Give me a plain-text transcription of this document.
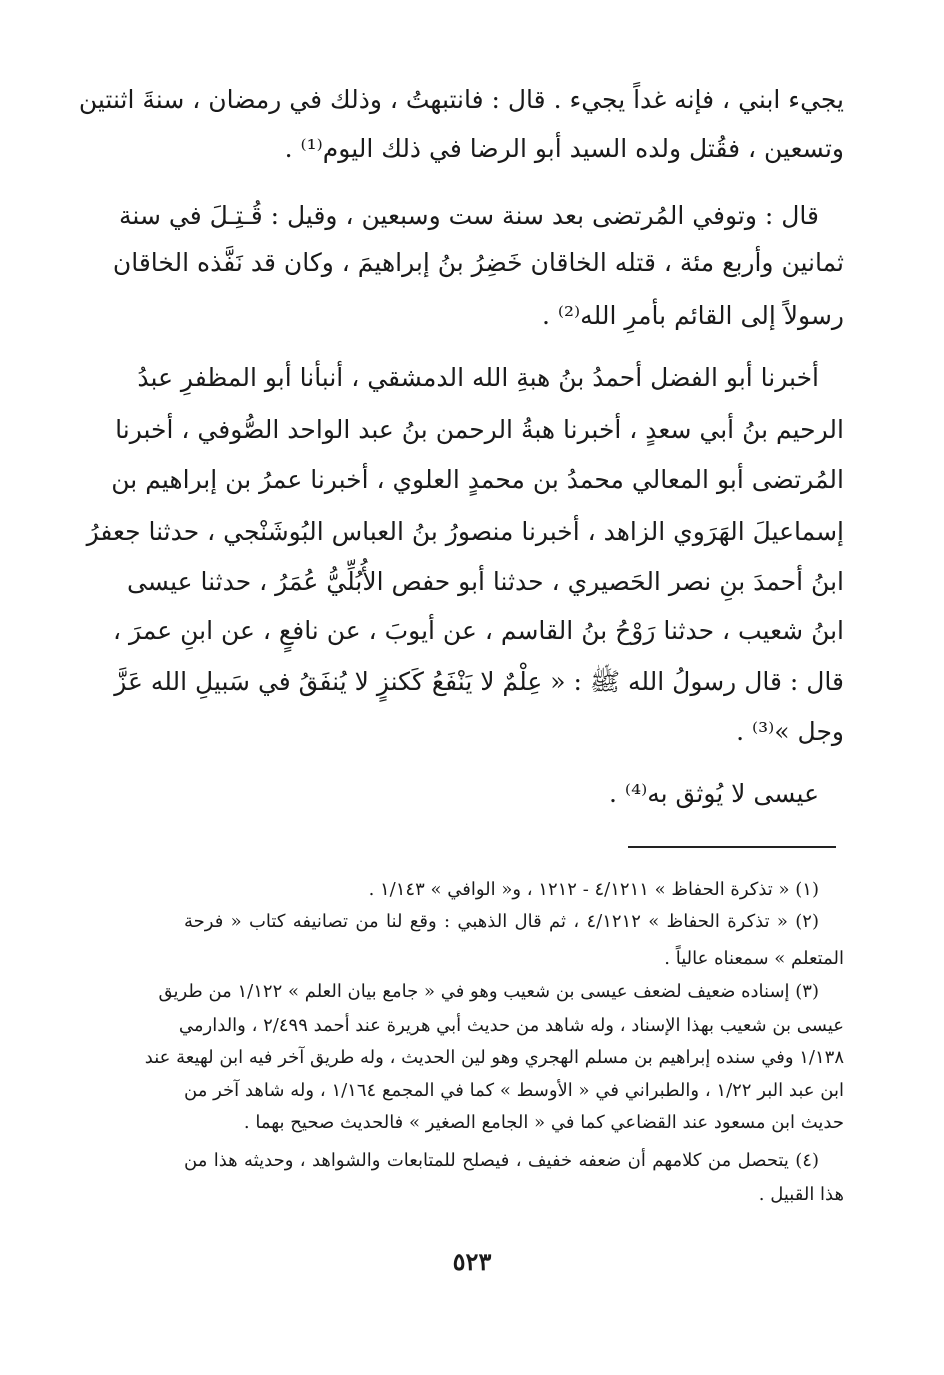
يجيء ابني ، فإنه غداً يجيء . قال : فانتبهتُ ، وذلك في رمضان ، سنةَ اثنتين
وتسعين ، فقُتل ولده السيد أبو الرضا في ذلك اليوم⁽¹⁾ .
قال : وتوفي المُرتضى بعد سنة ست وسبعين ، وقيل : قُـتِـلَ في سنة
ثمانين وأربع مئة ، قتله الخاقان خَضِرُ بنُ إبراهيمَ ، وكان قد نَفَّذه الخاقان
رسولاً إلى القائم بأمرِ الله⁽²⁾ .
أخبرنا أبو الفضل أحمدُ بنُ هبةِ الله الدمشقي ، أنبأنا أبو المظفرِ عبدُ
الرحيم بنُ أبي سعدٍ ، أخبرنا هبةُ الرحمن بنُ عبد الواحد الصُّوفي ، أخبرنا
المُرتضى أبو المعالي محمدُ بن محمدٍ العلوي ، أخبرنا عمرُ بن إبراهيم بن
إسماعيلَ الهَرَوي الزاهد ، أخبرنا منصورُ بنُ العباس البُوشَنْجي ، حدثنا جعفرُ
ابنُ أحمدَ بنِ نصر الحَصيري ، حدثنا أبو حفص الأُبُلِّيُّ عُمَرُ ، حدثنا عيسى
ابنُ شعيب ، حدثنا رَوْحُ بنُ القاسم ، عن أيوبَ ، عن نافعٍ ، عن ابنِ عمرَ ،
قال : قال رسولُ الله ﷺ : « عِلْمٌ لا يَنْفَعُ كَكنزٍ لا يُنفَقُ في سَبيلِ الله عَزَّ
وجل »⁽³⁾ .
عيسى لا يُوثق به⁽⁴⁾ .
(١) « تذكرة الحفاظ » ٤/١٢١١ - ١٢١٢ ، و« الوافي » ١/١٤٣ .
(٢) « تذكرة الحفاظ » ٤/١٢١٢ ، ثم قال الذهبي : وقع لنا من تصانيفه كتاب « فرحة
المتعلم » سمعناه عالياً .
(٣) إسناده ضعيف لضعف عيسى بن شعيب وهو في « جامع بيان العلم » ١/١٢٢ من طريق
عيسى بن شعيب بهذا الإسناد ، وله شاهد من حديث أبي هريرة عند أحمد ٢/٤٩٩ ، والدارمي
١/١٣٨ وفي سنده إبراهيم بن مسلم الهجري وهو لين الحديث ، وله طريق آخر فيه ابن لهيعة عند
ابن عبد البر ١/٢٢ ، والطبراني في « الأوسط » كما في المجمع ١/١٦٤ ، وله شاهد آخر من
حديث ابن مسعود عند القضاعي كما في « الجامع الصغير » فالحديث صحيح بهما .
(٤) يتحصل من كلامهم أن ضعفه خفيف ، فيصلح للمتابعات والشواهد ، وحديثه هذا من
هذا القبيل .
٥٢٣
